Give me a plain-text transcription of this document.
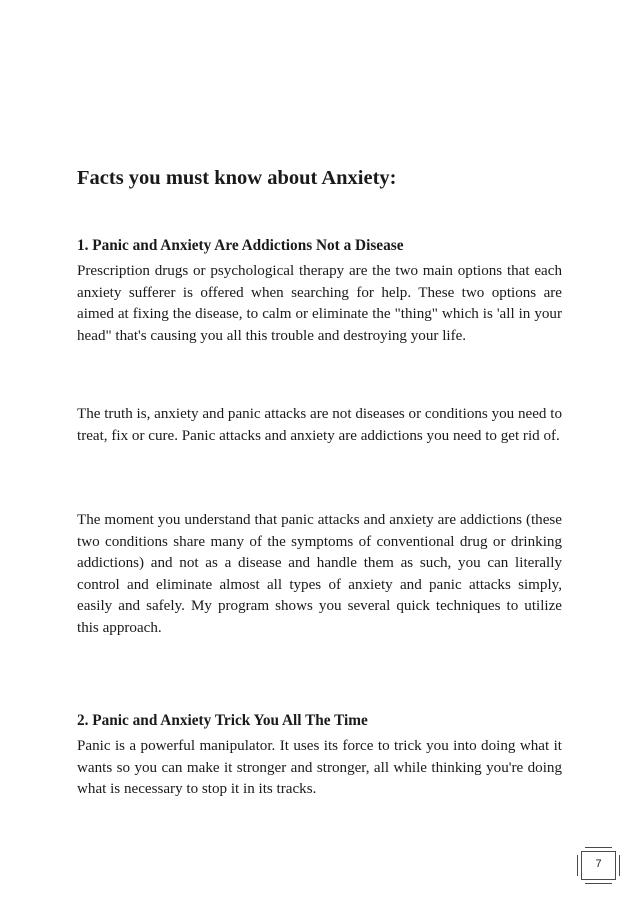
Facts you must know about Anxiety:
1. Panic and Anxiety Are Addictions Not a Disease

Prescription drugs or psychological therapy are the two main options that each anxiety sufferer is offered when searching for help. These two options are aimed at fixing the disease, to calm or eliminate the "thing" which is 'all in your head" that's causing you all this trouble and destroying your life.

The truth is, anxiety and panic attacks are not diseases or conditions you need to treat, fix or cure. Panic attacks and anxiety are addictions you need to get rid of.

The moment you understand that panic attacks and anxiety are addictions (these two conditions share many of the symptoms of conventional drug or drinking addictions) and not as a disease and handle them as such, you can literally control and eliminate almost all types of anxiety and panic attacks simply, easily and safely. My program shows you several quick techniques to utilize this approach.

2. Panic and Anxiety Trick You All The Time

Panic is a powerful manipulator. It uses its force to trick you into doing what it wants so you can make it stronger and stronger, all while thinking you're doing what is necessary to stop it in its tracks.

7
